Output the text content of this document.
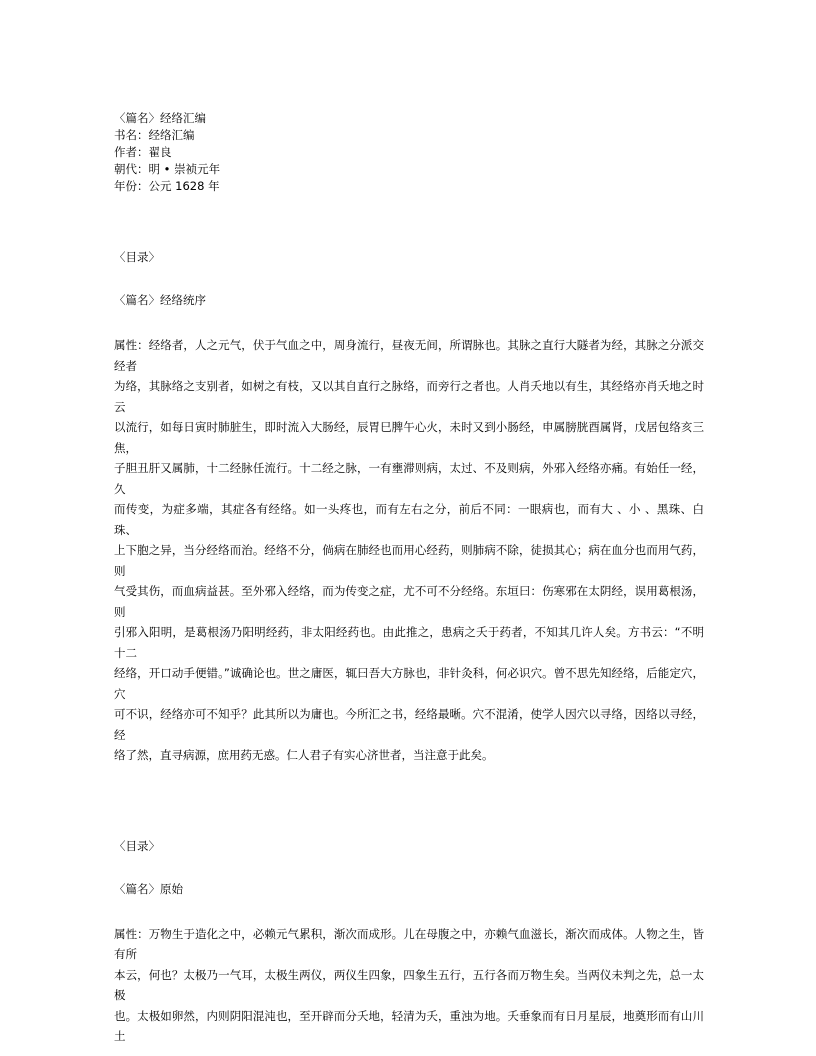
〈篇名〉经络汇编
书名：经络汇编
作者：翟良
朝代：明 • 崇祯元年
年份：公元 1628 年
〈目录〉
〈篇名〉经络统序
属性：经络者，人之元气，伏于气血之中，周身流行，昼夜无间，所谓脉也。其脉之直行大隧者为经，其脉之分派交经者
为络，其脉络之支别者，如树之有枝，又以其自直行之脉络，而旁行之者也。人肖夭地以有生，其经络亦肖夭地之时云
以流行，如每日寅时肺脏生，即时流入大肠经，辰胃巳脾午心火，未时又到小肠经，申属膀胱酉属肾，戊居包络亥三焦，
子胆丑肝又属肺，十二经脉任流行。十二经之脉，一有壅滞则病，太过、不及则病，外邪入经络亦痛。有始任一经，久
而传变，为症多端，其症各有经络。如一头疼也，而有左右之分，前后不同：一眼病也，而有大 、小 、黑珠、白珠、
上下胞之异，当分经络而治。经络不分，倘病在肺经也而用心经药，则肺病不除，徒损其心；病在血分也而用气药，则
气受其伤，而血病益甚。至外邪入经络，而为传变之症，尤不可不分经络。东垣曰：伤寒邪在太阴经，误用葛根汤，则
引邪入阳明，是葛根汤乃阳明经药，非太阳经药也。由此推之，患病之夭于药者，不知其几许人矣。方书云：“不明十二
经络，开口动手便错。”诚确论也。世之庸医，辄曰吾大方脉也，非针灸科，何必识穴。曾不思先知经络，后能定穴，穴
可不识，经络亦可不知乎？此其所以为庸也。今所汇之书，经络最晰。穴不混淆，使学人因穴以寻络，因络以寻经，经
络了然，直寻病源，庶用药无惑。仁人君子有实心济世者，当注意于此矣。
〈目录〉
〈篇名〉原始
属性：万物生于造化之中，必赖元气累积，渐次而成形。儿在母腹之中，亦赖气血滋长，渐次而成体。人物之生，皆有所
本云，何也？太极乃一气耳，太极生两仪，两仪生四象，四象生五行，五行各而万物生矣。当两仪未判之先，总一太极
也。太极如卵然，内则阴阳混沌也，至开辟而分夭地，轻清为夭，重浊为地。夭垂象而有日月星辰，地奠形而有山川土
